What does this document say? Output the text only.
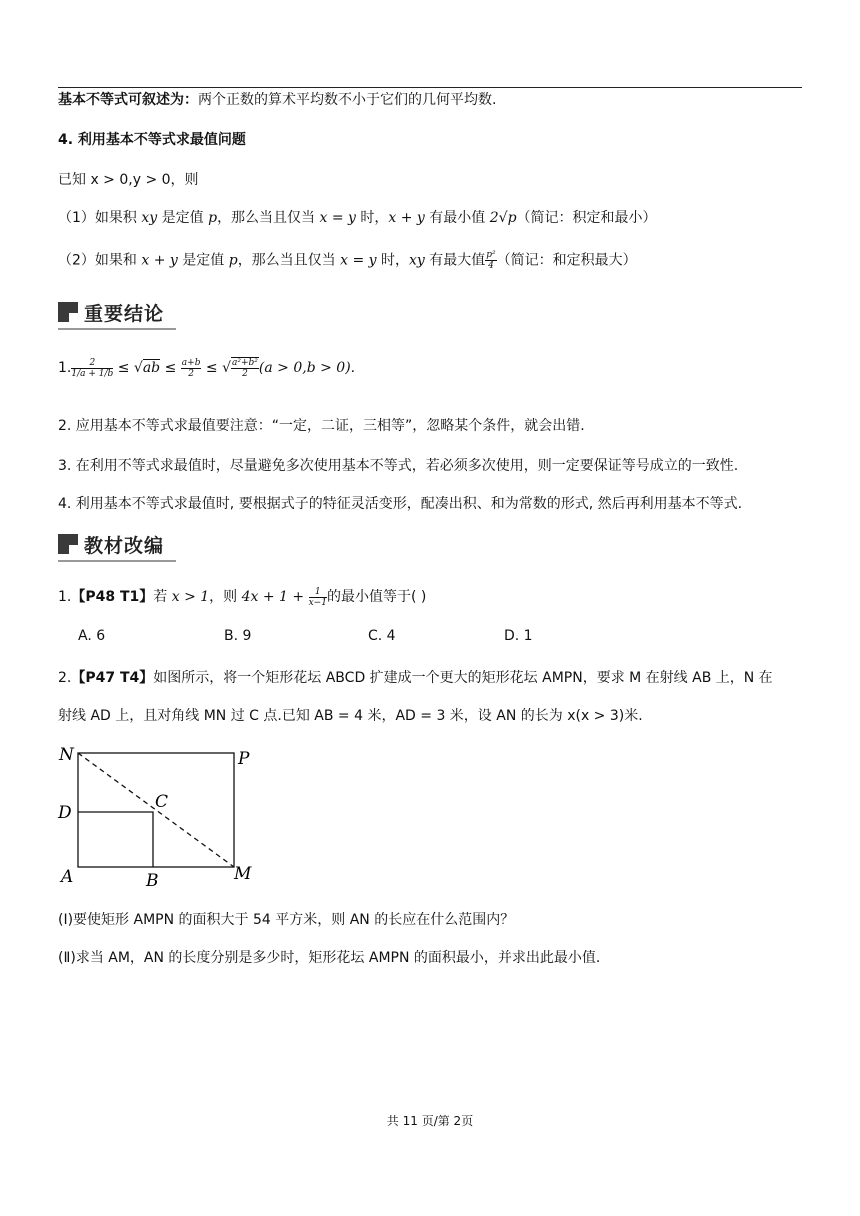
基本不等式可叙述为：两个正数的算术平均数不小于它们的几何平均数.
4. 利用基本不等式求最值问题
已知 x > 0,y > 0，则
（1）如果积 xy 是定值 p，那么当且仅当 x = y 时，x + y 有最小值 2√p（简记：积定和最小）
（2）如果和 x + y 是定值 p，那么当且仅当 x = y 时，xy 有最大值 $\frac{\text{p²}}{4}$ （简记：和定积最大）
重要结论
1. $\frac{2}{1/a + 1/b} \le √ab \le \frac{a+b}{2}$ ≤ √ $\frac{\text{a²+b²}}{2} (a > 0,b > 0)$.
2. 应用基本不等式求最值要注意：“一定，二证，三相等”，忽略某个条件，就会出错.
3. 在利用不等式求最值时，尽量避免多次使用基本不等式，若必须多次使用，则一定要保证等号成立的一致性.
4. 利用基本不等式求最值时, 要根据式子的特征灵活变形，配凑出积、和为常数的形式, 然后再利用基本不等式.
教材改编
1.【P48 T1】若 x > 1，则 $4x + 1 + \frac{1}{x-1}$ 的最小值等于( )
A. 6	B. 9	C. 4	D. 1
2.【P47 T4】如图所示，将一个矩形花坛 ABCD 扩建成一个更大的矩形花坛 AMPN，要求 M 在射线 AB 上，N 在
射线 AD 上，且对角线 MN 过 C 点.已知 AB = 4 米，AD = 3 米，设 AN 的长为 x(x > 3)米.
N	P
C
D
A	B	M
(Ⅰ)要使矩形 AMPN 的面积大于 54 平方米，则 AN 的长应在什么范围内？
(Ⅱ)求当 AM，AN 的长度分别是多少时，矩形花坛 AMPN 的面积最小，并求出此最小值.
共 11 页/第 2页
